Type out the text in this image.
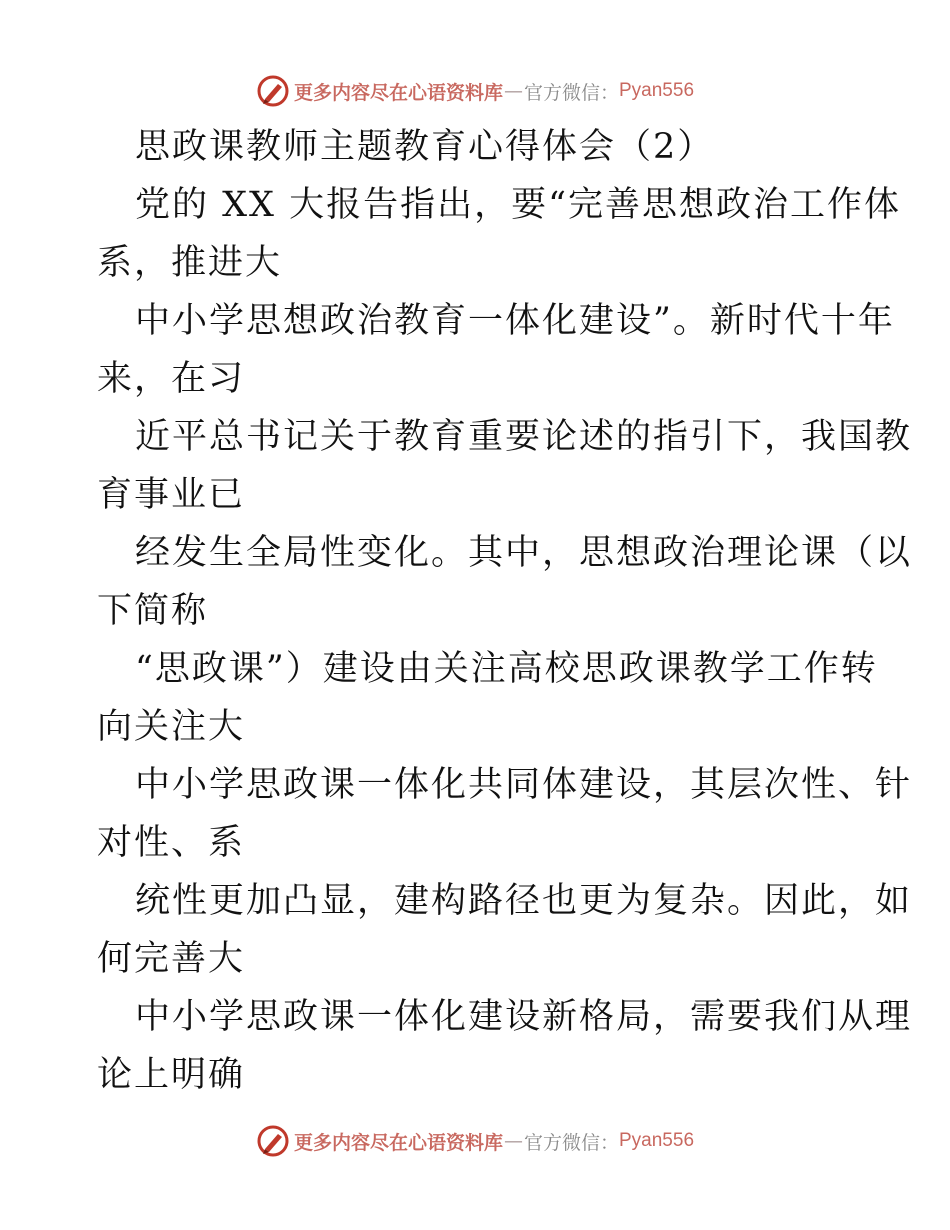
更多内容尽在心语资料库 — 官方微信： Pyan556
思政课教师主题教育心得体会（2）
党的 XX 大报告指出，要“完善思想政治工作体
系，推进大
中小学思想政治教育一体化建设”。新时代十年
来，在习
近平总书记关于教育重要论述的指引下，我国教
育事业已
经发生全局性变化。其中，思想政治理论课（以
下简称
“思政课”）建设由关注高校思政课教学工作转
向关注大
中小学思政课一体化共同体建设，其层次性、针
对性、系
统性更加凸显，建构路径也更为复杂。因此，如
何完善大
中小学思政课一体化建设新格局，需要我们从理
论上明确
更多内容尽在心语资料库 — 官方微信： Pyan556
